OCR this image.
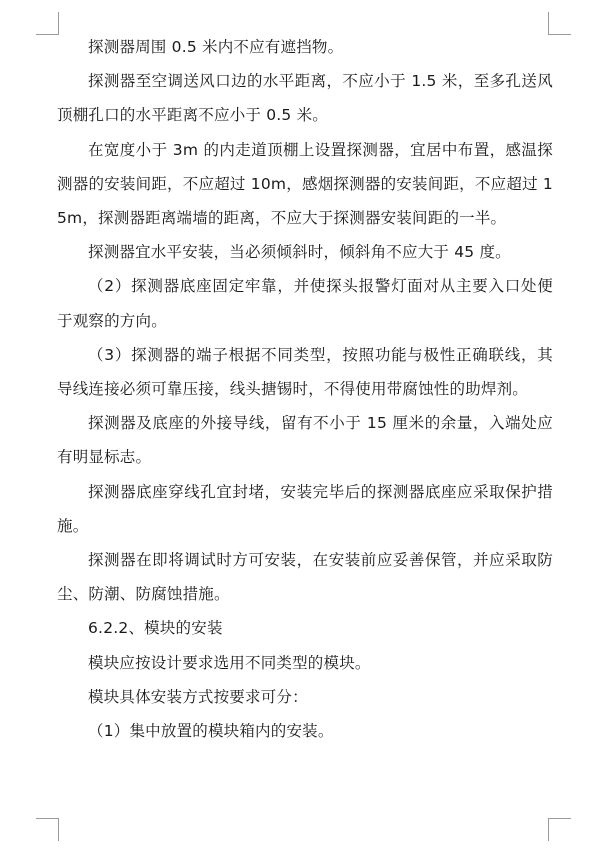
探测器周围 0.5 米内不应有遮挡物。

探测器至空调送风口边的水平距离，不应小于 1.5 米，至多孔送风顶棚孔口的水平距离不应小于 0.5 米。

在宽度小于 3m 的内走道顶棚上设置探测器，宜居中布置，感温探测器的安装间距，不应超过 10m，感烟探测器的安装间距，不应超过 15m，探测器距离端墙的距离，不应大于探测器安装间距的一半。

探测器宜水平安装，当必须倾斜时，倾斜角不应大于 45 度。

（2）探测器底座固定牢靠，并使探头报警灯面对从主要入口处便于观察的方向。

（3）探测器的端子根据不同类型，按照功能与极性正确联线，其导线连接必须可靠压接，线头搪锡时，不得使用带腐蚀性的助焊剂。

探测器及底座的外接导线，留有不小于 15 厘米的余量，入端处应有明显标志。

探测器底座穿线孔宜封堵，安装完毕后的探测器底座应采取保护措施。

探测器在即将调试时方可安装，在安装前应妥善保管，并应采取防尘、防潮、防腐蚀措施。

6.2.2、模块的安装

模块应按设计要求选用不同类型的模块。

模块具体安装方式按要求可分：

（1）集中放置的模块箱内的安装。
